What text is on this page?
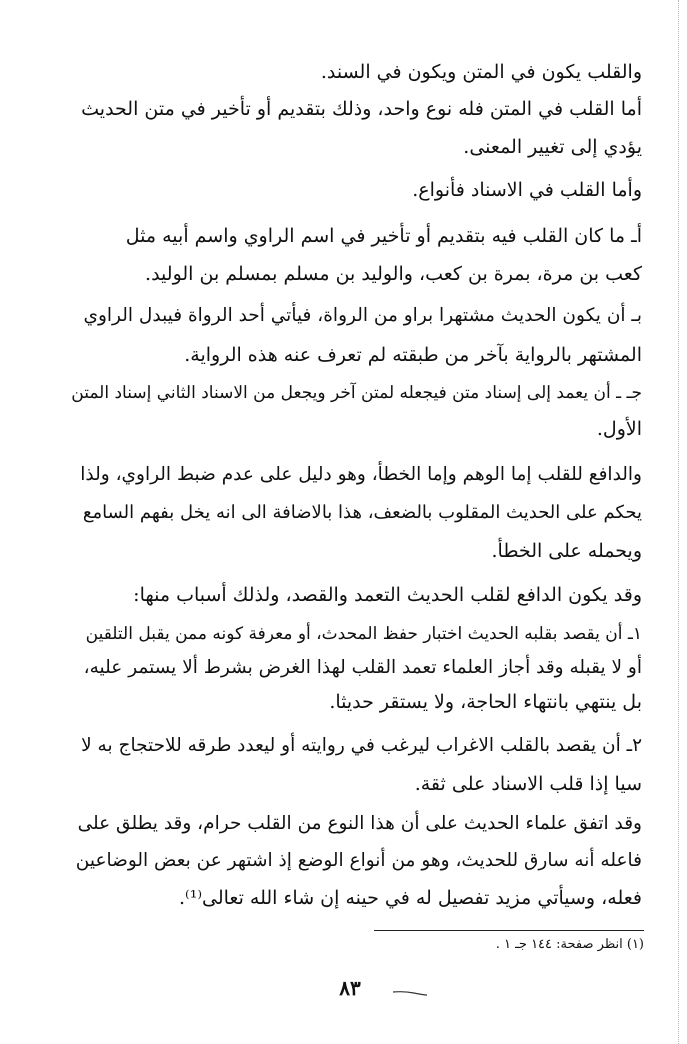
والقلب يكون في المتن ويكون في السند.
أما القلب في المتن فله نوع واحد، وذلك بتقديم أو تأخير في متن الحديث
يؤدي إلى تغيير المعنى.
وأما القلب في الاسناد فأنواع.
أـ ما كان القلب فيه بتقديم أو تأخير في اسم الراوي واسم أبيه مثل
كعب بن مرة، بمرة بن كعب، والوليد بن مسلم بمسلم بن الوليد.
بـ أن يكون الحديث مشتهرا براو من الرواة، فيأتي أحد الرواة فيبدل الراوي
المشتهر بالرواية بآخر من طبقته لم تعرف عنه هذه الرواية.
جـ ـ أن يعمد إلى إسناد متن فيجعله لمتن آخر ويجعل من الاسناد الثاني إسناد المتن
الأول.
والدافع للقلب إما الوهم وإما الخطأ، وهو دليل على عدم ضبط الراوي، ولذا
يحكم على الحديث المقلوب بالضعف، هذا بالاضافة الى انه يخل بفهم السامع
ويحمله على الخطأ.
وقد يكون الدافع لقلب الحديث التعمد والقصد، ولذلك أسباب منها:
١ـ أن يقصد بقلبه الحديث اختبار حفظ المحدث، أو معرفة كونه ممن يقبل التلقين
أو لا يقبله وقد أجاز العلماء تعمد القلب لهذا الغرض بشرط ألا يستمر عليه،
بل ينتهي بانتهاء الحاجة، ولا يستقر حديثا.
٢ـ أن يقصد بالقلب الاغراب ليرغب في روايته أو ليعدد طرقه للاحتجاج به لا
سيا إذا قلب الاسناد على ثقة.
وقد اتفق علماء الحديث على أن هذا النوع من القلب حرام، وقد يطلق على
فاعله أنه سارق للحديث، وهو من أنواع الوضع إذ اشتهر عن بعض الوضاعين
فعله، وسيأتي مزيد تفصيل له في حينه إن شاء الله تعالى⁽¹⁾.
(١) انظر صفحة: ١٤٤ جـ ١ .
٨٣
